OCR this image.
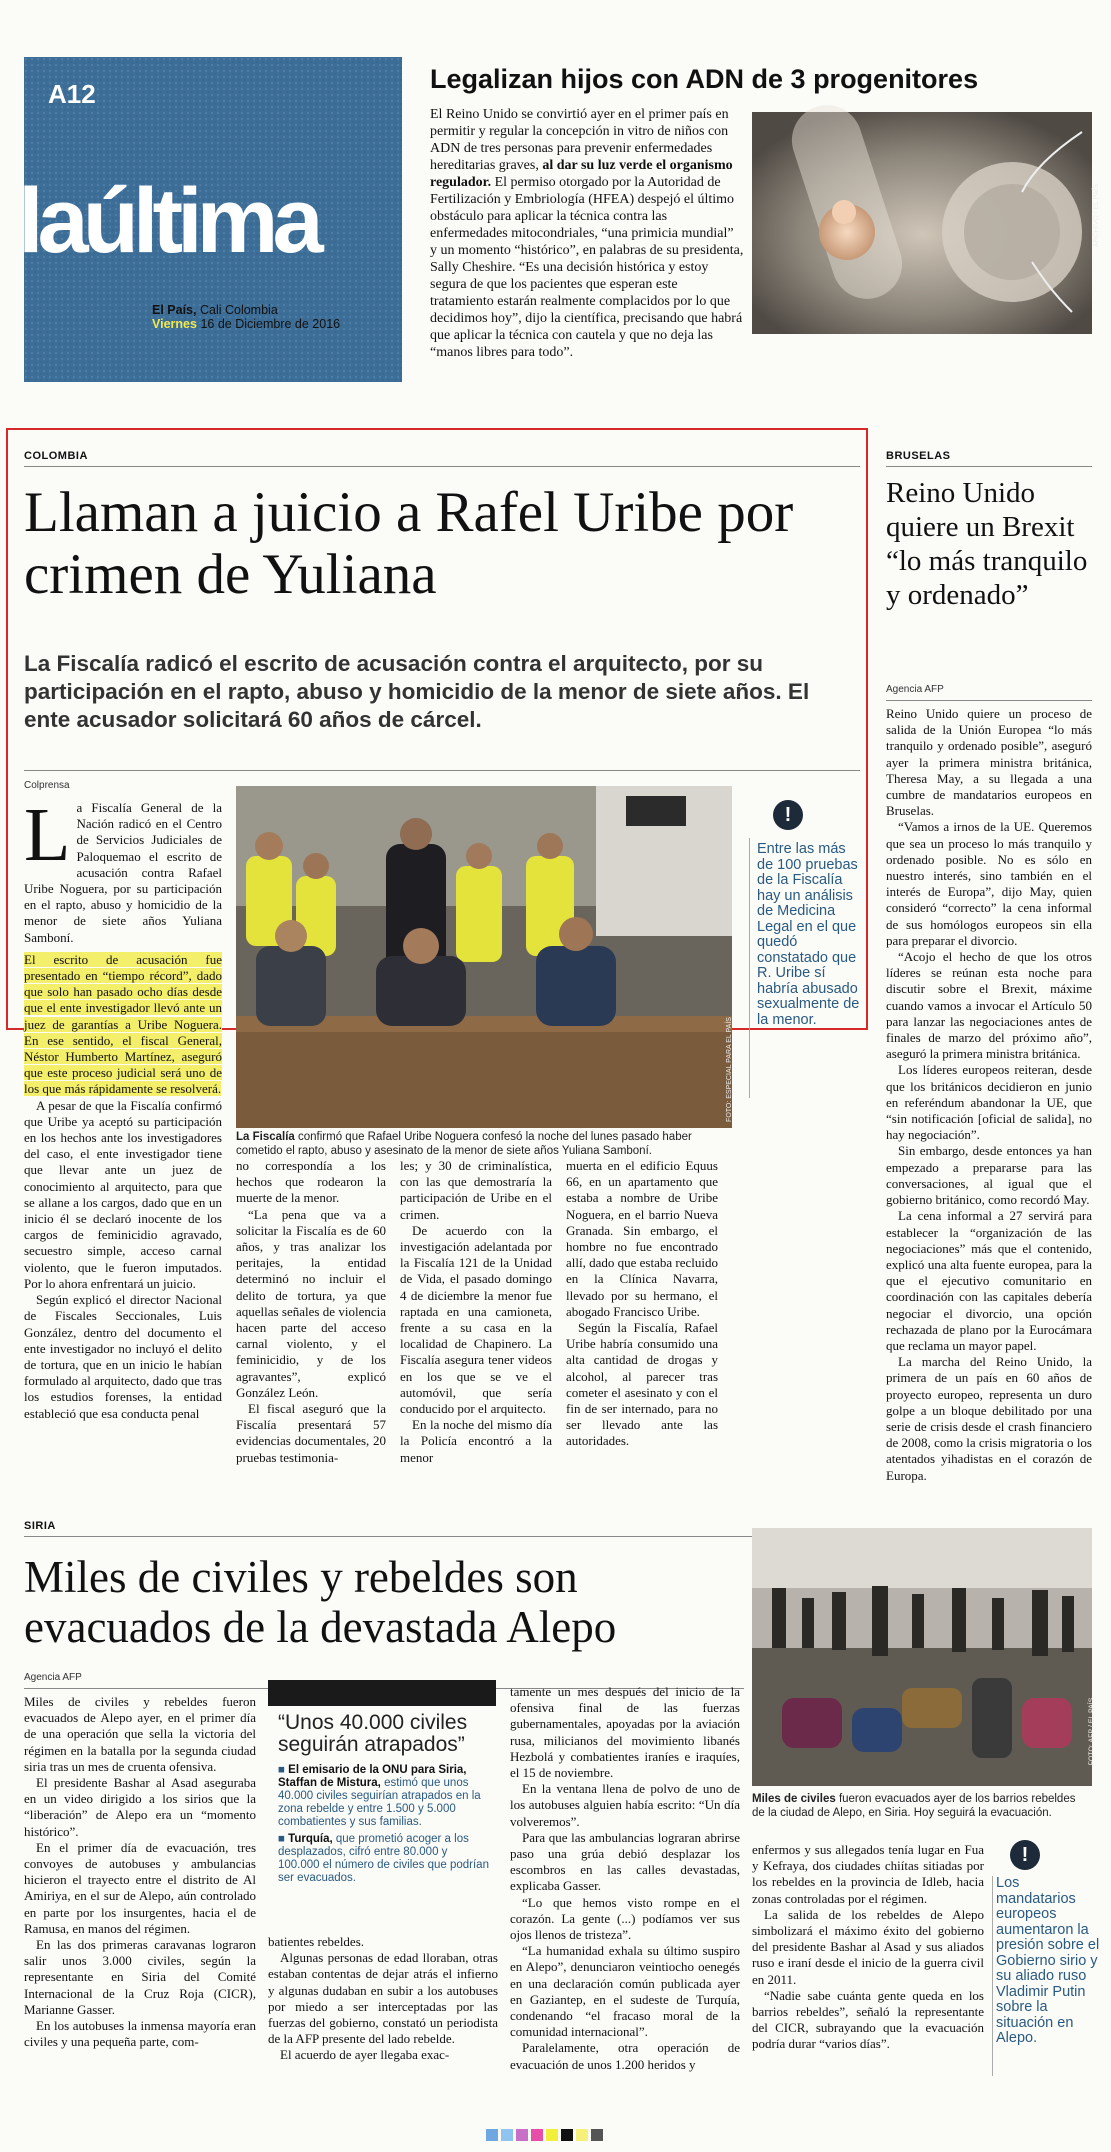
A12
laúltima
El País, Cali Colombia
Viernes 16 de Diciembre de 2016
Legalizan hijos con ADN de 3 progenitores
ARCHIVO / EL PAÍS
El Reino Unido se convirtió ayer en el primer país en permitir y regular la concepción in vitro de niños con ADN de tres personas para prevenir enfermedades hereditarias graves, al dar su luz verde el organismo regulador. El permiso otorgado por la Autoridad de Fertilización y Embriología (HFEA) despejó el último obstáculo para aplicar la técnica contra las enfermedades mitocondriales, “una primicia mundial” y un momento “histórico”, en palabras de su presidenta, Sally Cheshire. “Es una decisión histórica y estoy segura de que los pacientes que esperan este tratamiento estarán realmente complacidos por lo que decidimos hoy”, dijo la científica, precisando que habrá que aplicar la técnica con cautela y que no deja las “manos libres para todo”.
COLOMBIA
Llaman a juicio a Rafel Uribe por crimen de Yuliana
La Fiscalía radicó el escrito de acusación contra el arquitecto, por su participación en el rapto, abuso y homicidio de la menor de siete años. El ente acusador solicitará 60 años de cárcel.
Colprensa
L a Fiscalía General de la Nación radicó en el Centro de Servicios Judiciales de Paloquemao el escrito de acusación contra Rafael Uribe Noguera, por su participación en el rapto, abuso y homicidio de la menor de siete años Yuliana Samboní.

El escrito de acusación fue presentado en “tiempo récord”, dado que solo han pasado ocho días desde que el ente investigador llevó ante un juez de garantías a Uribe Noguera. En ese sentido, el fiscal General, Néstor Humberto Martínez, aseguró que este proceso judicial será uno de los que más rápidamente se resolverá.

A pesar de que la Fiscalía confirmó que Uribe ya aceptó su participación en los hechos ante los investigadores del caso, el ente investigador tiene que llevar ante un juez de conocimiento al arquitecto, para que se allane a los cargos, dado que en un inicio él se declaró inocente de los cargos de feminicidio agravado, secuestro simple, acceso carnal violento, que le fueron imputados. Por lo ahora enfrentará un juicio.

Según explicó el director Nacional de Fiscales Seccionales, Luis González, dentro del documento el ente investigador no incluyó el delito de tortura, que en un inicio le habían formulado al arquitecto, dado que tras los estudios forenses, la entidad estableció que esa conducta penal

FOTO: ESPECIAL PARA EL PAÍS
La Fiscalía confirmó que Rafael Uribe Noguera confesó la noche del lunes pasado haber cometido el rapto, abuso y asesinato de la menor de siete años Yuliana Samboní.
!
Entre las más de 100 pruebas de la Fiscalía hay un análisis de Medicina Legal en el que quedó constatado que R. Uribe sí habría abusado sexualmente de la menor.

no correspondía a los hechos que rodearon la muerte de la menor.

“La pena que va a solicitar la Fiscalía es de 60 años, y tras analizar los peritajes, la entidad determinó no incluir el delito de tortura, ya que aquellas señales de violencia hacen parte del acceso carnal violento, y el feminicidio, y de los agravantes”, explicó González León.

El fiscal aseguró que la Fiscalía presentará 57 evidencias documentales, 20 pruebas testimonia-

les; y 30 de criminalística, con las que demostraría la participación de Uribe en el crimen.

De acuerdo con la investigación adelantada por la Fiscalía 121 de la Unidad de Vida, el pasado domingo 4 de diciembre la menor fue raptada en una camioneta, frente a su casa en la localidad de Chapinero. La Fiscalía asegura tener videos en los que se ve el automóvil, que sería conducido por el arquitecto.

En la noche del mismo día la Policía encontró a la menor

muerta en el edificio Equus 66, en un apartamento que estaba a nombre de Uribe Noguera, en el barrio Nueva Granada. Sin embargo, el hombre no fue encontrado allí, dado que estaba recluido en la Clínica Navarra, llevado por su hermano, el abogado Francisco Uribe.

Según la Fiscalía, Rafael Uribe habría consumido una alta cantidad de drogas y alcohol, al parecer tras cometer el asesinato y con el fin de ser internado, para no ser llevado ante las autoridades.

BRUSELAS
Reino Unido quiere un Brexit “lo más tranquilo y ordenado”
Agencia AFP

Reino Unido quiere un proceso de salida de la Unión Europea “lo más tranquilo y ordenado posible”, aseguró ayer la primera ministra británica, Theresa May, a su llegada a una cumbre de mandatarios europeos en Bruselas.

“Vamos a irnos de la UE. Queremos que sea un proceso lo más tranquilo y ordenado posible. No es sólo en nuestro interés, sino también en el interés de Europa”, dijo May, quien consideró “correcto” la cena informal de sus homólogos europeos sin ella para preparar el divorcio.

“Acojo el hecho de que los otros líderes se reúnan esta noche para discutir sobre el Brexit, máxime cuando vamos a invocar el Artículo 50 para lanzar las negociaciones antes de finales de marzo del próximo año”, aseguró la primera ministra británica.

Los líderes europeos reiteran, desde que los británicos decidieron en junio en referéndum abandonar la UE, que “sin notificación [oficial de salida], no hay negociación”.

Sin embargo, desde entonces ya han empezado a prepararse para las conversaciones, al igual que el gobierno británico, como recordó May.

La cena informal a 27 servirá para establecer la “organización de las negociaciones” más que el contenido, explicó una alta fuente europea, para la que el ejecutivo comunitario en coordinación con las capitales debería negociar el divorcio, una opción rechazada de plano por la Eurocámara que reclama un mayor papel.

La marcha del Reino Unido, la primera de un país en 60 años de proyecto europeo, representa un duro golpe a un bloque debilitado por una serie de crisis desde el crash financiero de 2008, como la crisis migratoria o los atentados yihadistas en el corazón de Europa.

SIRIA
Miles de civiles y rebeldes son evacuados de la devastada Alepo
Agencia AFP

Miles de civiles y rebeldes fueron evacuados de Alepo ayer, en el primer día de una operación que sella la victoria del régimen en la batalla por la segunda ciudad siria tras un mes de cruenta ofensiva.

El presidente Bashar al Asad aseguraba en un video dirigido a los sirios que la “liberación” de Alepo era un “momento histórico”.

En el primer día de evacuación, tres convoyes de autobuses y ambulancias hicieron el trayecto entre el distrito de Al Amiriya, en el sur de Alepo, aún controlado en parte por los insurgentes, hacia el de Ramusa, en manos del régimen.

En las dos primeras caravanas lograron salir unos 3.000 civiles, según la representante en Siria del Comité Internacional de la Cruz Roja (CICR), Marianne Gasser.

En los autobuses la inmensa mayoría eran civiles y una pequeña parte, com-

“Unos 40.000 civiles seguirán atrapados”
■ El emisario de la ONU para Siria, Staffan de Mistura, estimó que unos 40.000 civiles seguirían atrapados en la zona rebelde y entre 1.500 y 5.000 combatientes y sus familias.
■ Turquía, que prometió acoger a los desplazados, cifró entre 80.000 y 100.000 el número de civiles que podrían ser evacuados.

batientes rebeldes.

Algunas personas de edad lloraban, otras estaban contentas de dejar atrás el infierno y algunas dudaban en subir a los autobuses por miedo a ser interceptadas por las fuerzas del gobierno, constató un periodista de la AFP presente del lado rebelde.

El acuerdo de ayer llegaba exac-

tamente un mes después del inicio de la ofensiva final de las fuerzas gubernamentales, apoyadas por la aviación rusa, milicianos del movimiento libanés Hezbolá y combatientes iraníes e iraquíes, el 15 de noviembre.

En la ventana llena de polvo de uno de los autobuses alguien había escrito: “Un día volveremos”.

Para que las ambulancias lograran abrirse paso una grúa debió desplazar los escombros en las calles devastadas, explicaba Gasser.

“Lo que hemos visto rompe en el corazón. La gente (...) podíamos ver sus ojos llenos de tristeza”.

“La humanidad exhala su último suspiro en Alepo”, denunciaron veintiocho oenegés en una declaración común publicada ayer en Gaziantep, en el sudeste de Turquía, condenando “el fracaso moral de la comunidad internacional”.

Paralelamente, otra operación de evacuación de unos 1.200 heridos y

FOTO: AFP / EL PAÍS
Miles de civiles fueron evacuados ayer de los barrios rebeldes de la ciudad de Alepo, en Siria. Hoy seguirá la evacuación.

enfermos y sus allegados tenía lugar en Fua y Kefraya, dos ciudades chiítas sitiadas por los rebeldes en la provincia de Idleb, hacia zonas controladas por el régimen.

La salida de los rebeldes de Alepo simbolizará el máximo éxito del gobierno del presidente Bashar al Asad y sus aliados ruso e iraní desde el inicio de la guerra civil en 2011.

“Nadie sabe cuánta gente queda en los barrios rebeldes”, señaló la representante del CICR, subrayando que la evacuación podría durar “varios días”.

!
Los mandatarios europeos aumentaron la presión sobre el Gobierno sirio y su aliado ruso Vladimir Putin sobre la situación en Alepo.
